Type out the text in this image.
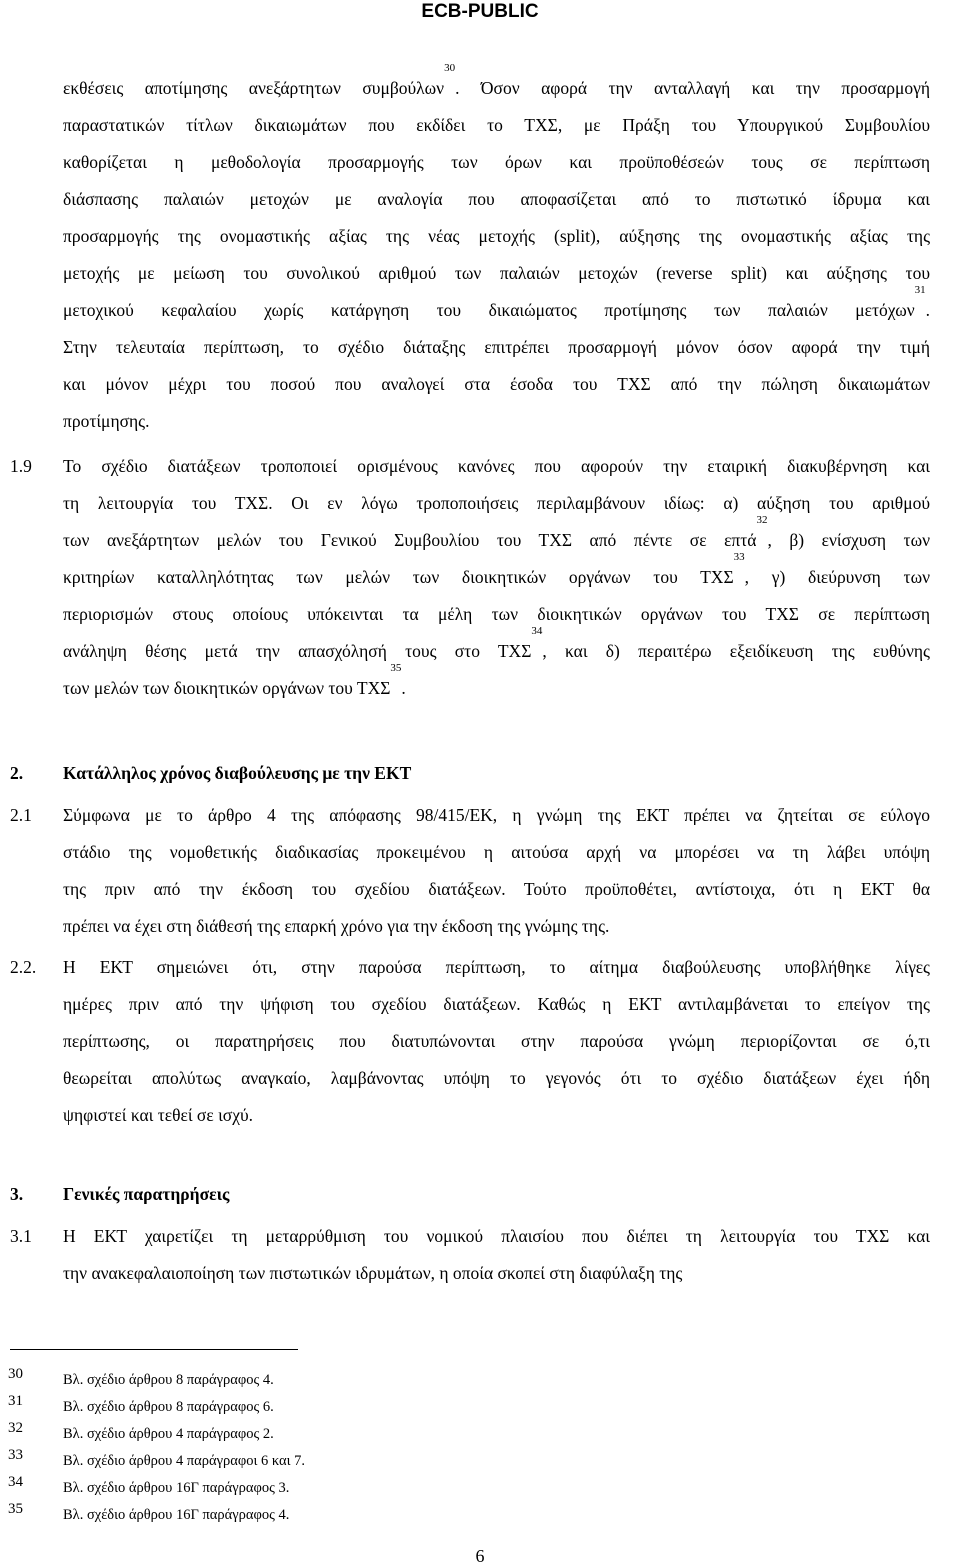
ECB-PUBLIC
εκθέσεις αποτίμησης ανεξάρτητων συμβούλων$^{30}$. Όσον αφορά την ανταλλαγή και την προσαρμογή
παραστατικών τίτλων δικαιωμάτων που εκδίδει το ΤΧΣ, με Πράξη του Υπουργικού Συμβουλίου
καθορίζεται η μεθοδολογία προσαρμογής των όρων και προϋποθέσεών τους σε περίπτωση
διάσπασης παλαιών μετοχών με αναλογία που αποφασίζεται από το πιστωτικό ίδρυμα και
προσαρμογής της ονομαστικής αξίας της νέας μετοχής (split), αύξησης της ονομαστικής αξίας της
μετοχής με μείωση του συνολικού αριθμού των παλαιών μετοχών (reverse split) και αύξησης του
μετοχικού κεφαλαίου χωρίς κατάργηση του δικαιώματος προτίμησης των παλαιών μετόχων$^{31}$.
Στην τελευταία περίπτωση, το σχέδιο διάταξης επιτρέπει προσαρμογή μόνον όσον αφορά την τιμή
και μόνον μέχρι του ποσού που αναλογεί στα έσοδα του ΤΧΣ από την πώληση δικαιωμάτων
προτίμησης.
1.9 Το σχέδιο διατάξεων τροποποιεί ορισμένους κανόνες που αφορούν την εταιρική διακυβέρνηση και
τη λειτουργία του ΤΧΣ. Οι εν λόγω τροποποιήσεις περιλαμβάνουν ιδίως: α) αύξηση του αριθμού
των ανεξάρτητων μελών του Γενικού Συμβουλίου του ΤΧΣ από πέντε σε επτά$^{32}$, β) ενίσχυση των
κριτηρίων καταλληλότητας των μελών των διοικητικών οργάνων του ΤΧΣ$^{33}$, γ) διεύρυνση των
περιορισμών στους οποίους υπόκεινται τα μέλη των διοικητικών οργάνων του ΤΧΣ σε περίπτωση
ανάληψη θέσης μετά την απασχόλησή τους στο ΤΧΣ$^{34}$, και δ) περαιτέρω εξειδίκευση της ευθύνης
των μελών των διοικητικών οργάνων του ΤΧΣ$^{35}$.
2. Κατάλληλος χρόνος διαβούλευσης με την ΕΚΤ
2.1 Σύμφωνα με το άρθρο 4 της απόφασης 98/415/ΕΚ, η γνώμη της ΕΚΤ πρέπει να ζητείται σε εύλογο
στάδιο της νομοθετικής διαδικασίας προκειμένου η αιτούσα αρχή να μπορέσει να τη λάβει υπόψη
της πριν από την έκδοση του σχεδίου διατάξεων. Τούτο προϋποθέτει, αντίστοιχα, ότι η ΕΚΤ θα
πρέπει να έχει στη διάθεσή της επαρκή χρόνο για την έκδοση της γνώμης της.
2.2. Η ΕΚΤ σημειώνει ότι, στην παρούσα περίπτωση, το αίτημα διαβούλευσης υποβλήθηκε λίγες
ημέρες πριν από την ψήφιση του σχεδίου διατάξεων. Καθώς η ΕΚΤ αντιλαμβάνεται το επείγον της
περίπτωσης, οι παρατηρήσεις που διατυπώνονται στην παρούσα γνώμη περιορίζονται σε ό,τι
θεωρείται απολύτως αναγκαίο, λαμβάνοντας υπόψη το γεγονός ότι το σχέδιο διατάξεων έχει ήδη
ψηφιστεί και τεθεί σε ισχύ.
3. Γενικές παρατηρήσεις
3.1 Η ΕΚΤ χαιρετίζει τη μεταρρύθμιση του νομικού πλαισίου που διέπει τη λειτουργία του ΤΧΣ και
την ανακεφαλαιοποίηση των πιστωτικών ιδρυμάτων, η οποία σκοπεί στη διαφύλαξη της
30	Βλ. σχέδιο άρθρου 8 παράγραφος 4.
31	Βλ. σχέδιο άρθρου 8 παράγραφος 6.
32	Βλ. σχέδιο άρθρου 4 παράγραφος 2.
33	Βλ. σχέδιο άρθρου 4 παράγραφοι 6 και 7.
34	Βλ. σχέδιο άρθρου 16Γ παράγραφος 3.
35	Βλ. σχέδιο άρθρου 16Γ παράγραφος 4.
6
